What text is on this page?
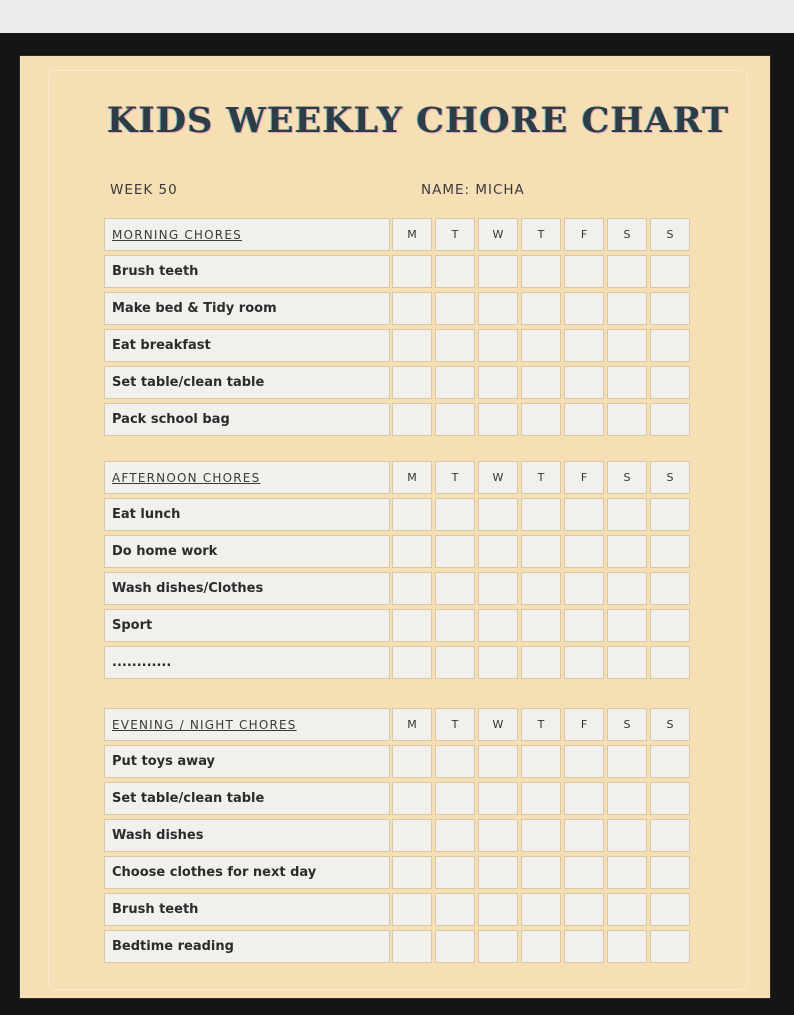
KIDS WEEKLY CHORE CHART
WEEK 50	NAME: MICHA
MORNING CHORES	M	T	W	T	F	S	S
Brush teeth
Make bed & Tidy room
Eat breakfast
Set table/clean table
Pack school bag
AFTERNOON CHORES	M	T	W	T	F	S	S
Eat lunch
Do home work
Wash dishes/Clothes
Sport
............
EVENING / NIGHT CHORES	M	T	W	T	F	S	S
Put toys away
Set table/clean table
Wash dishes
Choose clothes for next day
Brush teeth
Bedtime reading
